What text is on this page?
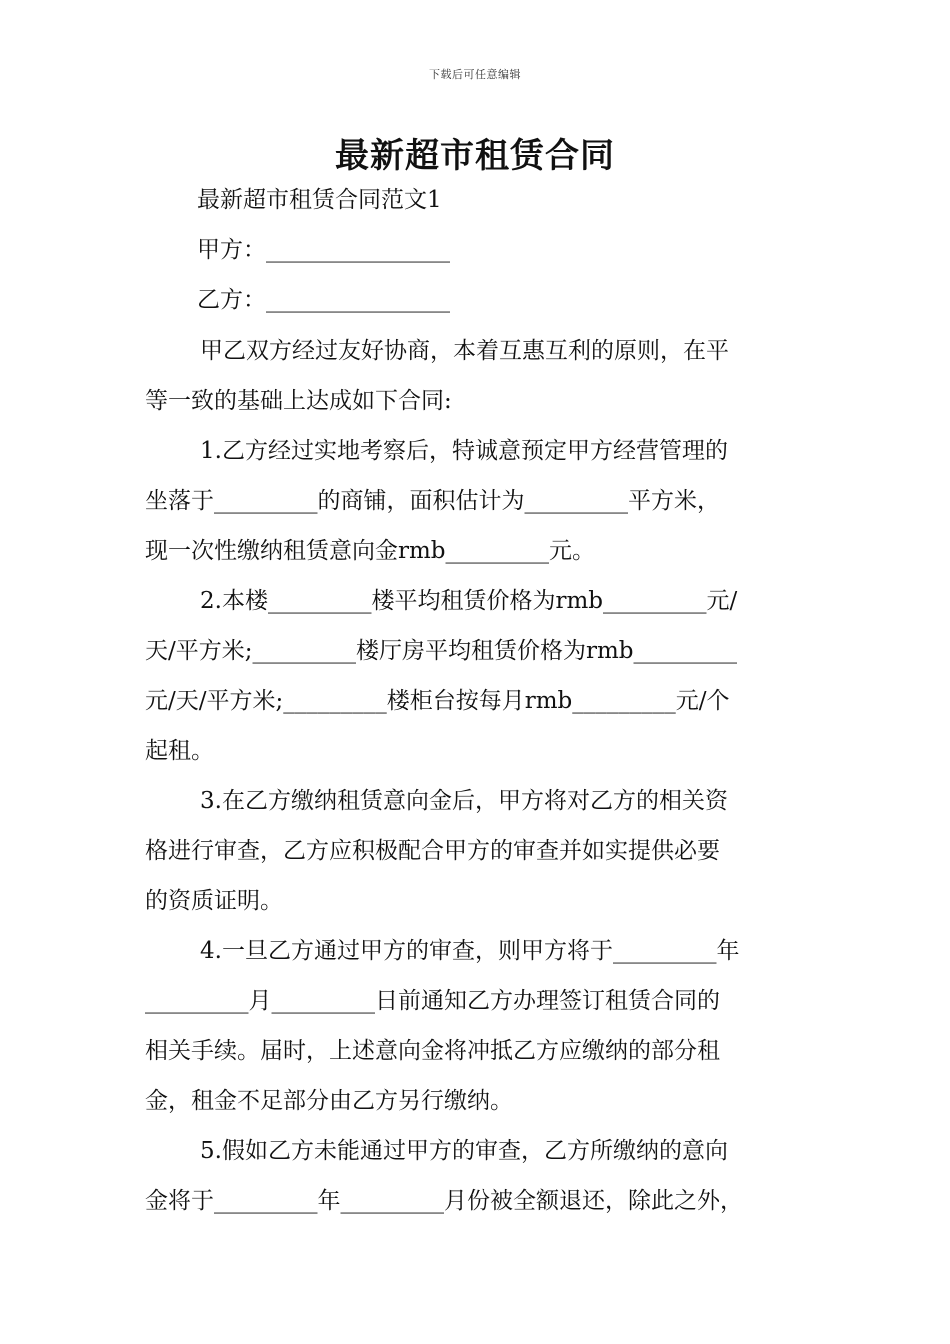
下载后可任意编辑
最新超市租赁合同
最新超市租赁合同范文1
甲方：________________
乙方：________________
甲乙双方经过友好协商，本着互惠互利的原则，在平
等一致的基础上达成如下合同:
1.乙方经过实地考察后，特诚意预定甲方经营管理的
坐落于_________的商铺，面积估计为_________平方米，
现一次性缴纳租赁意向金rmb_________元。
2.本楼_________楼平均租赁价格为rmb_________元/
天/平方米;_________楼厅房平均租赁价格为rmb_________
元/天/平方米;_________楼柜台按每月rmb_________元/个
起租。
3.在乙方缴纳租赁意向金后，甲方将对乙方的相关资
格进行审查，乙方应积极配合甲方的审查并如实提供必要
的资质证明。
4.一旦乙方通过甲方的审查，则甲方将于_________年
_________月_________日前通知乙方办理签订租赁合同的
相关手续。届时，上述意向金将冲抵乙方应缴纳的部分租
金，租金不足部分由乙方另行缴纳。
5.假如乙方未能通过甲方的审查，乙方所缴纳的意向
金将于_________年_________月份被全额退还，除此之外，
